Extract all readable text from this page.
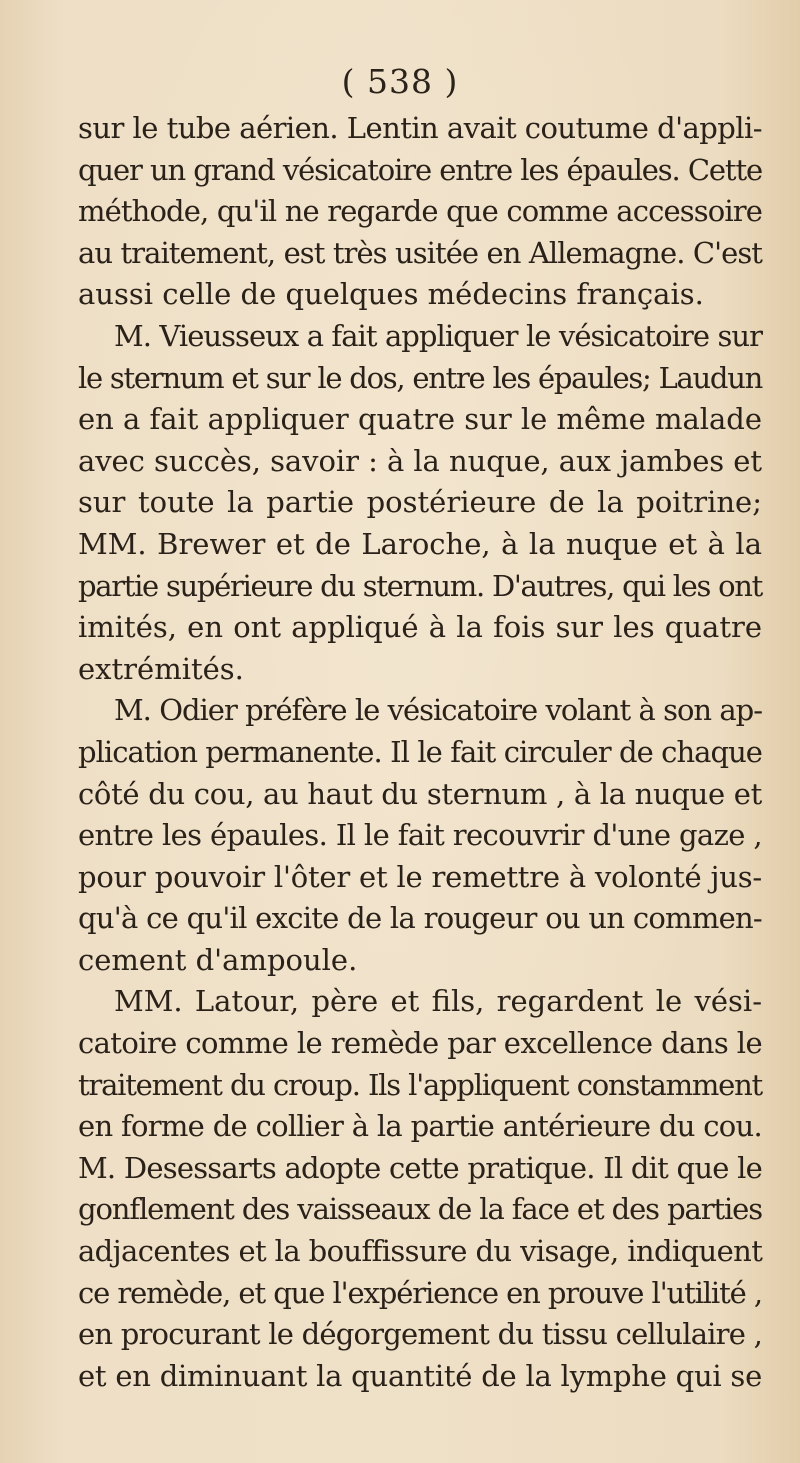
( 538 )

sur le tube aérien. Lentin avait coutume d'appli-

quer un grand vésicatoire entre les épaules. Cette

méthode, qu'il ne regarde que comme accessoire

au traitement, est très usitée en Allemagne. C'est

aussi celle de quelques médecins français.

M. Vieusseux a fait appliquer le vésicatoire sur

le sternum et sur le dos, entre les épaules; Laudun

en a fait appliquer quatre sur le même malade

avec succès, savoir : à la nuque, aux jambes et

sur toute la partie postérieure de la poitrine;

MM. Brewer et de Laroche, à la nuque et à la

partie supérieure du sternum. D'autres, qui les ont

imités, en ont appliqué à la fois sur les quatre

extrémités.

M. Odier préfère le vésicatoire volant à son ap-

plication permanente. Il le fait circuler de chaque

côté du cou, au haut du sternum , à la nuque et

entre les épaules. Il le fait recouvrir d'une gaze ,

pour pouvoir l'ôter et le remettre à volonté jus-

qu'à ce qu'il excite de la rougeur ou un commen-

cement d'ampoule.

MM. Latour, père et fils, regardent le vési-

catoire comme le remède par excellence dans le

traitement du croup. Ils l'appliquent constamment

en forme de collier à la partie antérieure du cou.

M. Desessarts adopte cette pratique. Il dit que le

gonflement des vaisseaux de la face et des parties

adjacentes et la bouffissure du visage, indiquent

ce remède, et que l'expérience en prouve l'utilité ,

en procurant le dégorgement du tissu cellulaire ,

et en diminuant la quantité de la lymphe qui se
